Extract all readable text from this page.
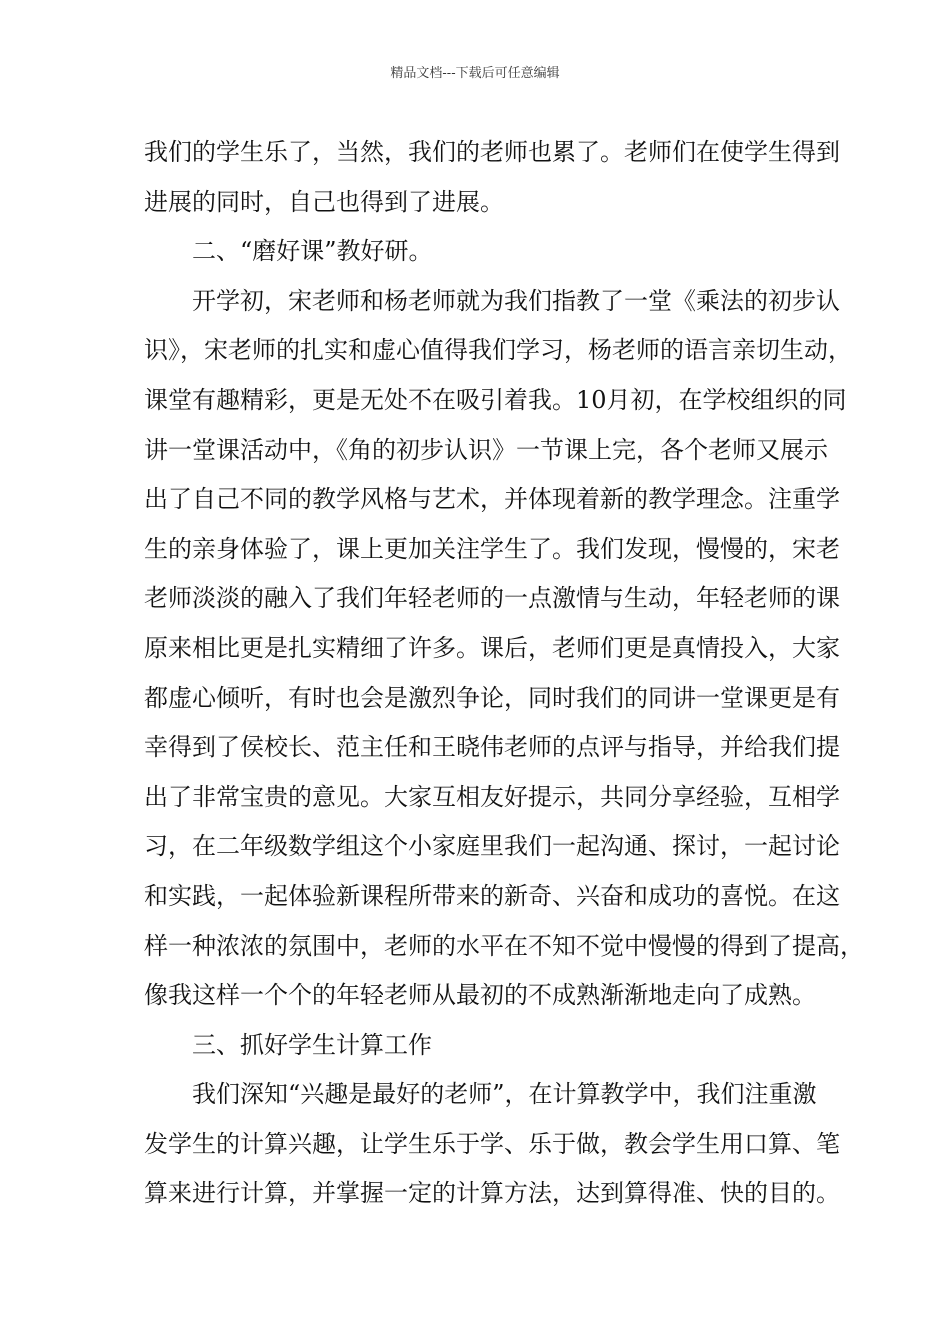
精品文档---下载后可任意编辑
我们的学生乐了，当然，我们的老师也累了。老师们在使学生得到
进展的同时，自己也得到了进展。
二、“磨好课”教好研。
开学初，宋老师和杨老师就为我们指教了一堂《乘法的初步认
识》，宋老师的扎实和虚心值得我们学习，杨老师的语言亲切生动，
课堂有趣精彩，更是无处不在吸引着我。10月初，在学校组织的同
讲一堂课活动中，《角的初步认识》一节课上完，各个老师又展示
出了自己不同的教学风格与艺术，并体现着新的教学理念。注重学
生的亲身体验了，课上更加关注学生了。我们发现，慢慢的，宋老
老师淡淡的融入了我们年轻老师的一点激情与生动，年轻老师的课
原来相比更是扎实精细了许多。课后，老师们更是真情投入，大家
都虚心倾听，有时也会是激烈争论，同时我们的同讲一堂课更是有
幸得到了侯校长、范主任和王晓伟老师的点评与指导，并给我们提
出了非常宝贵的意见。大家互相友好提示，共同分享经验，互相学
习，在二年级数学组这个小家庭里我们一起沟通、探讨，一起讨论
和实践，一起体验新课程所带来的新奇、兴奋和成功的喜悦。在这
样一种浓浓的氛围中，老师的水平在不知不觉中慢慢的得到了提高，
像我这样一个个的年轻老师从最初的不成熟渐渐地走向了成熟。
三、抓好学生计算工作
我们深知“兴趣是最好的老师”，在计算教学中，我们注重激
发学生的计算兴趣，让学生乐于学、乐于做，教会学生用口算、笔
算来进行计算，并掌握一定的计算方法，达到算得准、快的目的。
